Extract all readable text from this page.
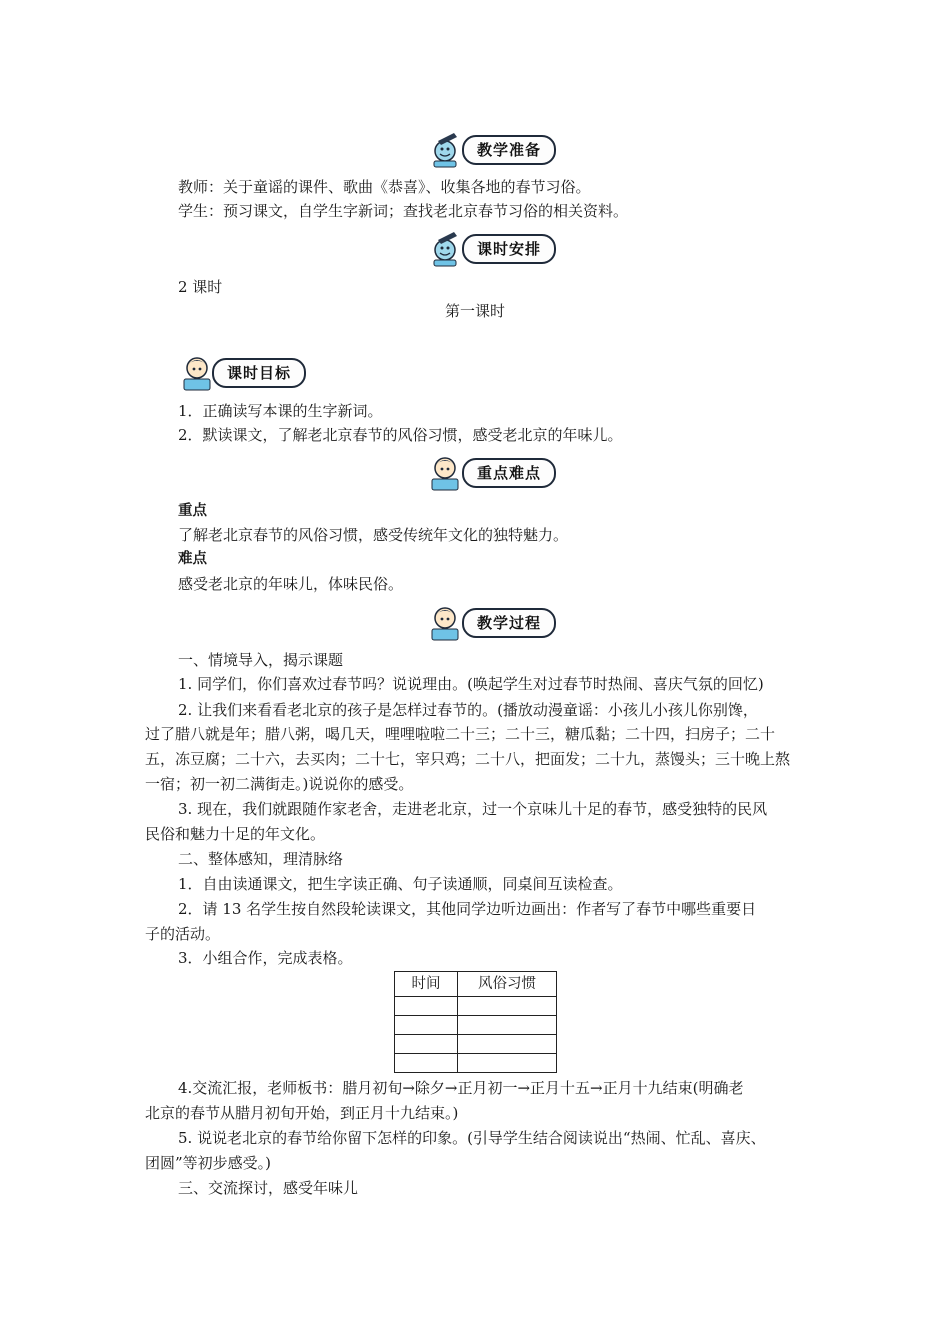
教学准备
教师：关于童谣的课件、歌曲《恭喜》、收集各地的春节习俗。
学生：预习课文，自学生字新词；查找老北京春节习俗的相关资料。
课时安排
2 课时
第一课时
课时目标
1．正确读写本课的生字新词。
2．默读课文，了解老北京春节的风俗习惯，感受老北京的年味儿。
重点难点
重点
了解老北京春节的风俗习惯，感受传统年文化的独特魅力。
难点
感受老北京的年味儿，体味民俗。
教学过程
一、情境导入，揭示课题
1. 同学们，你们喜欢过春节吗？说说理由。(唤起学生对过春节时热闹、喜庆气氛的回忆)
2. 让我们来看看老北京的孩子是怎样过春节的。(播放动漫童谣：小孩儿小孩儿你别馋，
过了腊八就是年；腊八粥，喝几天，哩哩啦啦二十三；二十三，糖瓜黏；二十四，扫房子；二十
五，冻豆腐；二十六，去买肉；二十七，宰只鸡；二十八，把面发；二十九，蒸馒头；三十晚上熬
一宿；初一初二满街走。)说说你的感受。
3. 现在，我们就跟随作家老舍，走进老北京，过一个京味儿十足的春节，感受独特的民风
民俗和魅力十足的年文化。
二、整体感知，理清脉络
1．自由读通课文，把生字读正确、句子读通顺，同桌间互读检查。
2．请 13 名学生按自然段轮读课文，其他同学边听边画出：作者写了春节中哪些重要日
子的活动。
3．小组合作，完成表格。
时间	风俗习惯

4.交流汇报，老师板书：腊月初旬→除夕→正月初一→正月十五→正月十九结束(明确老
北京的春节从腊月初旬开始，到正月十九结束。)
5. 说说老北京的春节给你留下怎样的印象。(引导学生结合阅读说出“热闹、忙乱、喜庆、
团圆”等初步感受。)
三、交流探讨，感受年味儿
